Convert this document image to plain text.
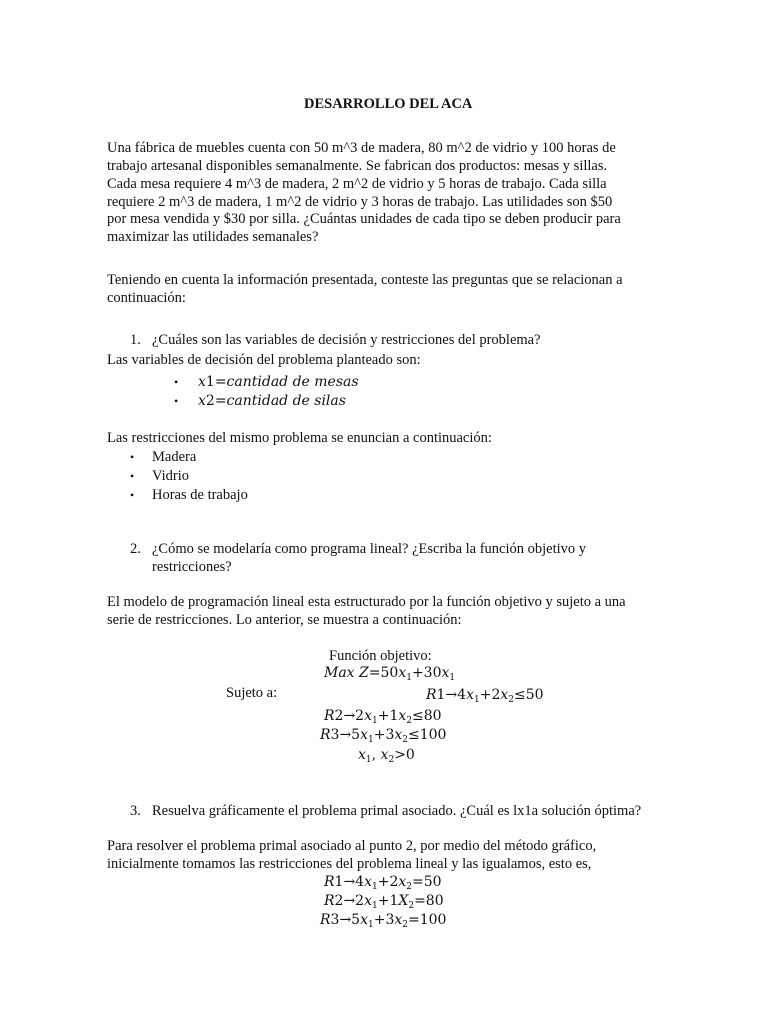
DESARROLLO DEL ACA
Una fábrica de muebles cuenta con 50 m^3 de madera, 80 m^2 de vidrio y 100 horas de
trabajo artesanal disponibles semanalmente. Se fabrican dos productos: mesas y sillas.
Cada mesa requiere 4 m^3 de madera, 2 m^2 de vidrio y 5 horas de trabajo. Cada silla
requiere 2 m^3 de madera, 1 m^2 de vidrio y 3 horas de trabajo. Las utilidades son $50
por mesa vendida y $30 por silla. ¿Cuántas unidades de cada tipo se deben producir para
maximizar las utilidades semanales?
Teniendo en cuenta la información presentada, conteste las preguntas que se relacionan a
continuación:
1. ¿Cuáles son las variables de decisión y restricciones del problema?
Las variables de decisión del problema planteado son:
• x1=cantidad de mesas
• x2=cantidad de silas
Las restricciones del mismo problema se enuncian a continuación:
• Madera
• Vidrio
• Horas de trabajo
2. ¿Cómo se modelaría como programa lineal? ¿Escriba la función objetivo y
restricciones?
El modelo de programación lineal esta estructurado por la función objetivo y sujeto a una
serie de restricciones. Lo anterior, se muestra a continuación:
Función objetivo:
Max $Z=50x_1+30x_1$
Sujeto a:	$R1\to 4x_1+2x_2\le 50$
$R2\to 2x_1+1x_2\le 80$
$R3\to 5x_1+3x_2\le 100$
$x_1$, $x_2>0$
3. Resuelva gráficamente el problema primal asociado. ¿Cuál es lx1a solución óptima?
Para resolver el problema primal asociado al punto 2, por medio del método gráfico,
inicialmente tomamos las restricciones del problema lineal y las igualamos, esto es,
$R1\to 4x_1+2x_2=50$
$R2\to 2x_1+1X_2=80$
$R3\to 5x_1+3x_2=100$
